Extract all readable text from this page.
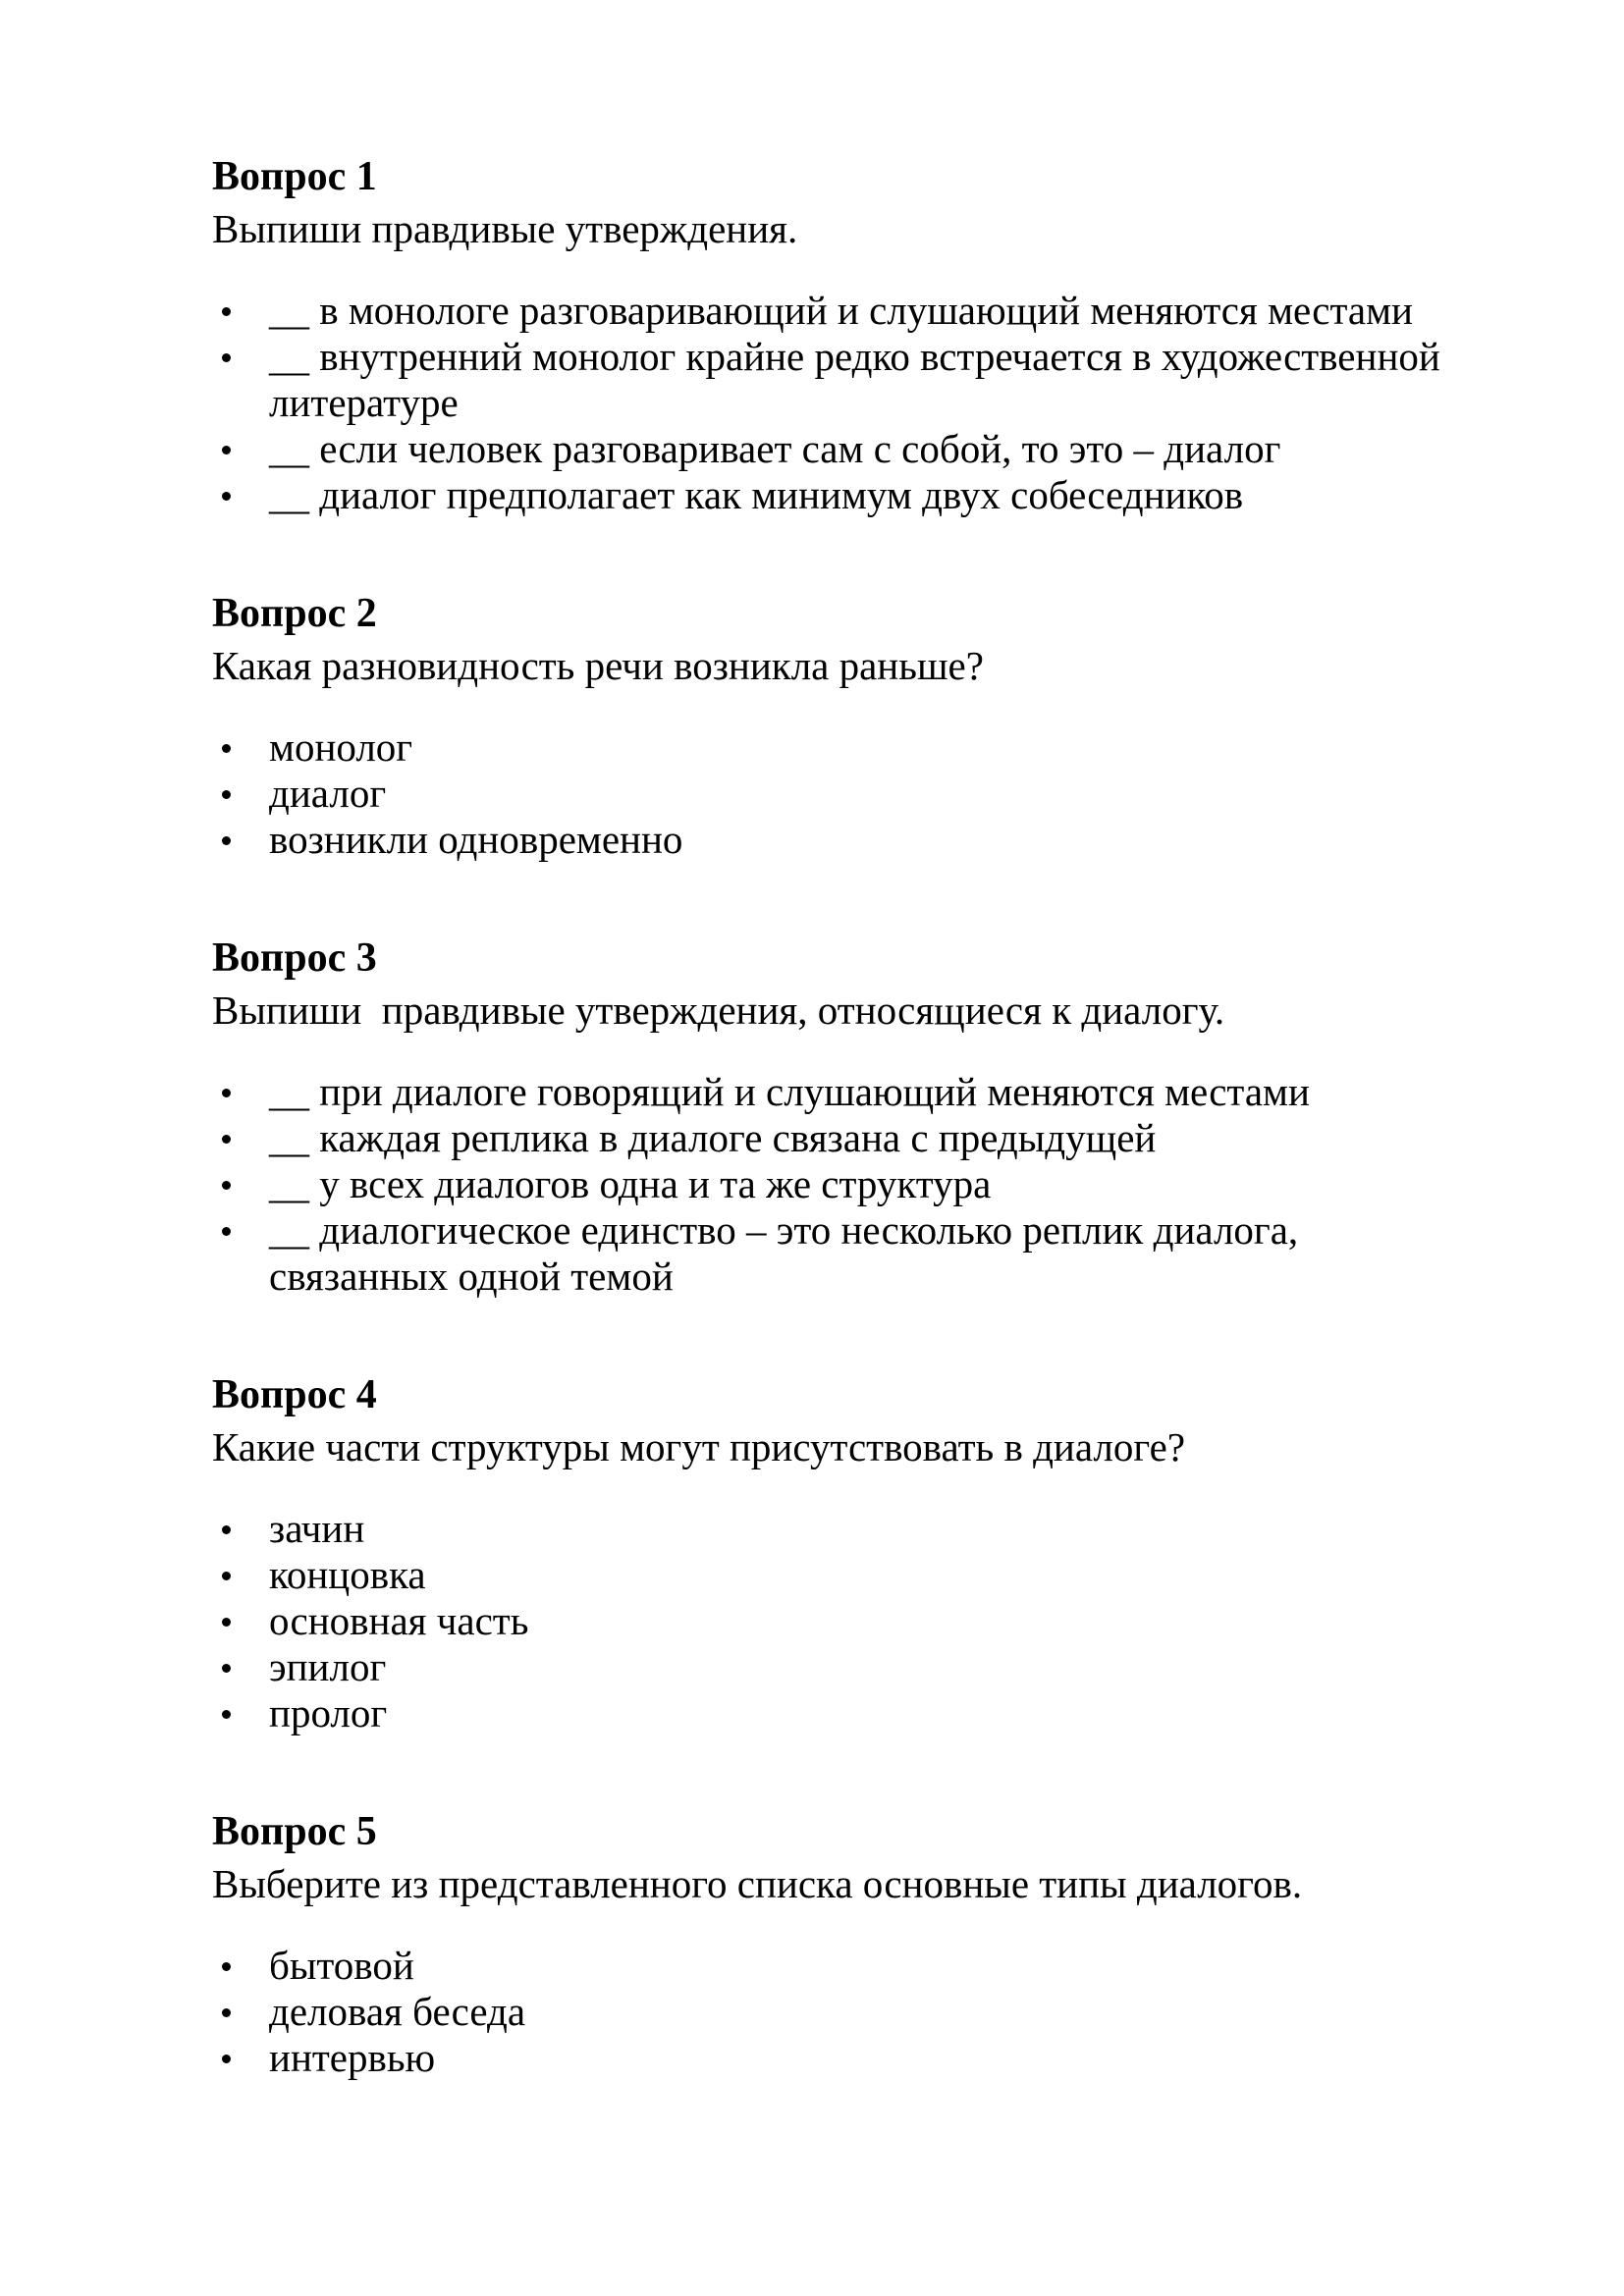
Вопрос 1

Выпиши правдивые утверждения.

__ в монологе разговаривающий и слушающий меняются местами
__ внутренний монолог крайне редко встречается в художественной литературе
__ если человек разговаривает сам с собой, то это – диалог
__ диалог предполагает как минимум двух собеседников
Вопрос 2

Какая разновидность речи возникла раньше?

монолог
диалог
возникли одновременно
Вопрос 3

Выпиши  правдивые утверждения, относящиеся к диалогу.

__ при диалоге говорящий и слушающий меняются местами
__ каждая реплика в диалоге связана с предыдущей
__ у всех диалогов одна и та же структура
__ диалогическое единство – это несколько реплик диалога, связанных одной темой
Вопрос 4

Какие части структуры могут присутствовать в диалоге?

зачин
концовка
основная часть
эпилог
пролог
Вопрос 5

Выберите из представленного списка основные типы диалогов.

бытовой
деловая беседа
интервью
